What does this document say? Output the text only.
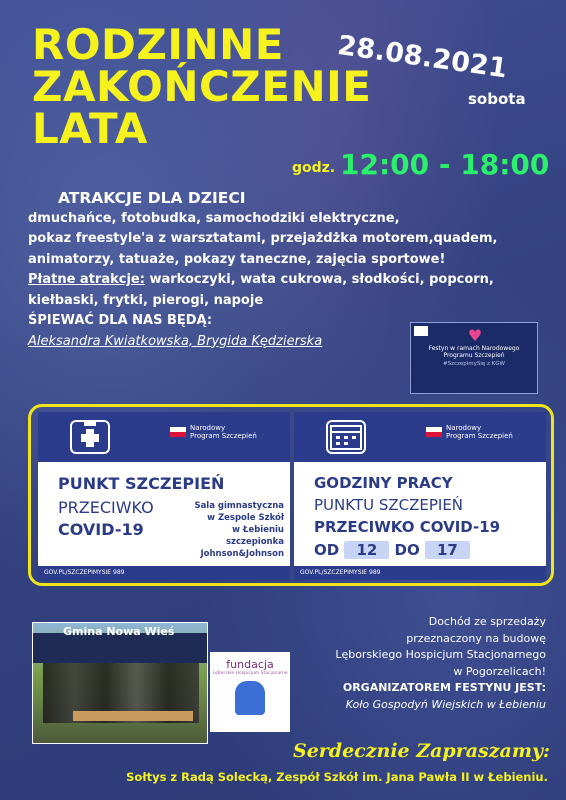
RODZINNE
ZAKOŃCZENIE
LATA
28.08.2021
sobota
godz. 12:00 - 18:00
ATRAKCJE DLA DZIECI
dmuchańce, fotobudka, samochodziki elektryczne,
pokaz freestyle'a z warsztatami, przejażdżka motorem,quadem,
animatorzy, tatuaże, pokazy taneczne, zajęcia sportowe!
Płatne atrakcje: warkoczyki, wata cukrowa, słodkości, popcorn,
kiełbaski, frytki, pierogi, napoje
ŚPIEWAĆ DLA NAS BĘDĄ:
Aleksandra Kwiatkowska, Brygida Kędzierska	♥
Festyn w ramach Narodowego Programu Szczepień
#SzczepimySię z KGW
Narodowy
Program Szczepień
PUNKT SZCZEPIEŃ
PRZECIWKO
COVID-19
Sala gimnastyczna
w Zespole Szkół
w Łebieniu
szczepionka Johnson&Johnson
GOV.PL/SZCZEPIMYSIE 989
Narodowy
Program Szczepień
GODZINY PRACY
PUNKTU SZCZEPIEŃ
PRZECIWKO COVID-19
OD 12 DO 17
GOV.PL/SZCZEPIMYSIE 989
Gmina Nowa Wieś
fundacja
Lęborskie Hospicjum Stacjonarne
Dochód ze sprzedaży
przeznaczony na budowę
Lęborskiego Hospicjum Stacjonarnego
w Pogorzelicach!
ORGANIZATOREM FESTYNU JEST:
Koło Gospodyń Wiejskich w Łebieniu
Serdecznie Zapraszamy:
Sołtys z Radą Solecką, Zespół Szkół im. Jana Pawła II w Łebieniu.
